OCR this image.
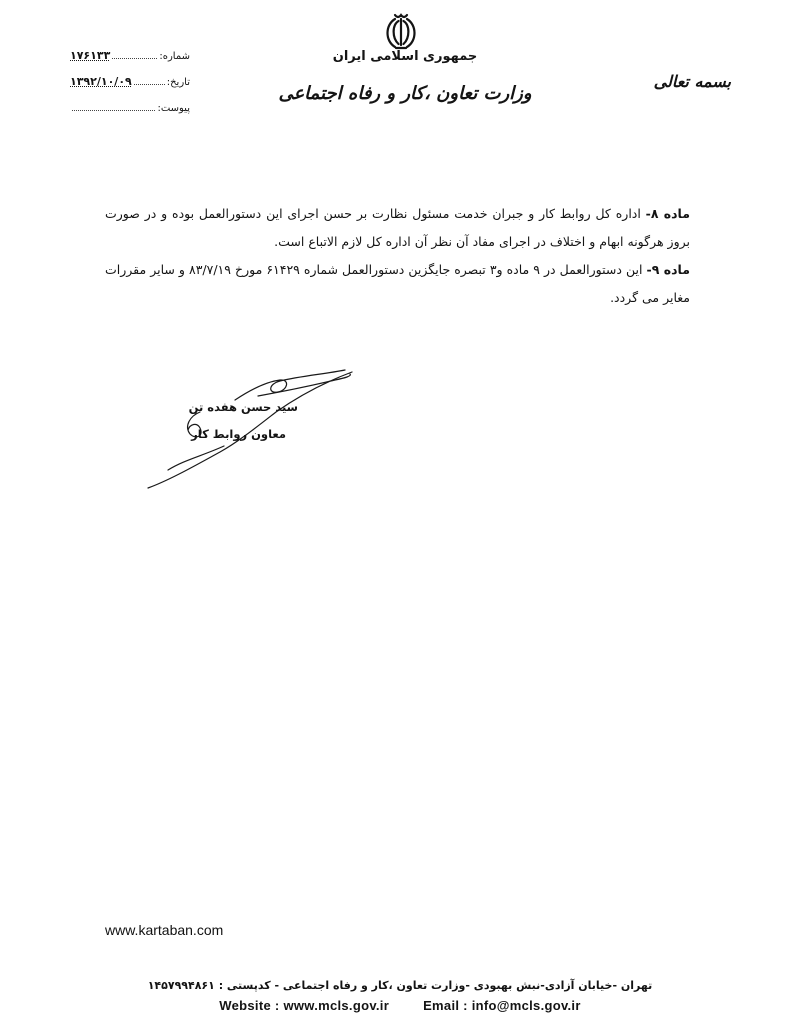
بسمه تعالی
جمهوری اسلامی ایران
وزارت تعاون ،کار و رفاه اجتماعی
شماره:
۱۷۶۱۳۳
تاریخ:
۱۳۹۲/۱۰/۰۹
پیوست:

ماده ۸- اداره کل روابط کار و جبران خدمت مسئول نظارت بر حسن اجرای این دستورالعمل بوده و در صورت بروز هرگونه ابهام و اختلاف در اجرای مفاد آن نظر آن اداره کل لازم الاتباع است.

ماده ۹- این دستورالعمل در ۹ ماده و۳ تبصره جایگزین دستورالعمل شماره ۶۱۴۲۹ مورخ ۸۳/۷/۱۹ و سایر مقررات مغایر می گردد.

سید حسن هفده تن
معاون روابط کار
www.kartaban.com
تهران -خیابان آزادی-نبش بهبودی -وزارت تعاون ،کار و رفاه اجتماعی - کدپستی : ۱۴۵۷۹۹۴۸۶۱
Website : www.mcls.gov.ir	Email : info@mcls.gov.ir
